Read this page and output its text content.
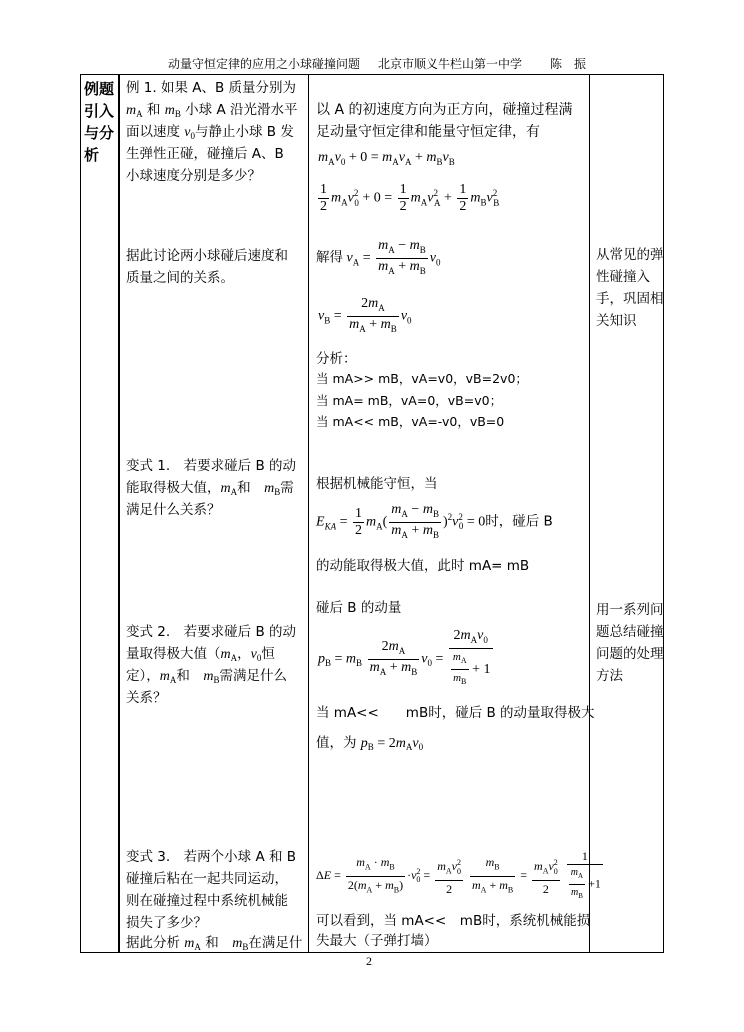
动量守恒定律的应用之小球碰撞问题 北京市顺义牛栏山第一中学 陈　振
例题引入与分析
例 1. 如果 A、B 质量分别为
$m_A$ 和 $m_B$ 小球 A 沿光滑水平
面以速度 $v_0$与静止小球 B 发
生弹性正碰，碰撞后 A、B
小球速度分别是多少？
据此讨论两小球碰后速度和
质量之间的关系。
变式 1.　若要求碰后 B 的动
能取得极大值，$m_A$和　 $m_B$需
满足什么关系？
变式 2.　若要求碰后 B 的动
量取得极大值（$m_A$，$v_0$恒
定），$m_A$和　 $m_B$需满足什么
关系？
变式 3.　若两个小球 A 和 B
碰撞后粘在一起共同运动，
则在碰撞过程中系统机械能
损失了多少？
据此分析 $m_A$ 和　 $m_B$在满足什
以 A 的初速度方向为正方向，碰撞过程满
足动量守恒定律和能量守恒定律，有
$m_Av_0 + 0 = m_Av_A + m_Bv_B$
$\frac{1}{2} m_Av^2_0 + 0 = \frac{1}{2} m_Av^2_A + \frac{1}{2} m_Bv^2_B$
解得 $v_A = \frac{m_A - m_B}{m_A + m_B} v_0$
$v_B = \frac{2m_A}{m_A + m_B} v_0$
分析：
当 mA>> mB，vA=v0，vB=2v0；
当 mA= mB，vA=0，vB=v0；
当 mA<< mB，vA=-v0，vB=0
根据机械能守恒，当
$E_{KA} = \frac{1}{2} m_A( \frac{m_A - m_B}{m_A + m_B} )^2v^2_0 = 0$时，碰后 B
的动能取得极大值，此时 mA= mB
碰后 B 的动量
$p_B = m_B \frac{2m_A}{m_A + m_B} v_0 = \frac{2m_Av_0}{\frac{m_A}{m_B} + 1}$
当 mA<<　　mB时，碰后 B 的动量取得极大
值，为 $p_B = 2m_Av_0$
$\Delta E = \frac{m_A \cdot m_B}{2(m_A + m_B)} \cdot v^2_0 = \frac{m_Av^2_0}{2}$
$\frac{m_B}{m_A + m_B} = \frac{m_Av^2_0}{2}$
$\frac{1}{\frac{m_A}{m_B} +1}$
可以看到，当 mA<<　mB时，系统机械能损
失最大（子弹打墙）
从常见的弹
性碰撞入
手，巩固相
关知识
用一系列问
题总结碰撞
问题的处理
方法
2
